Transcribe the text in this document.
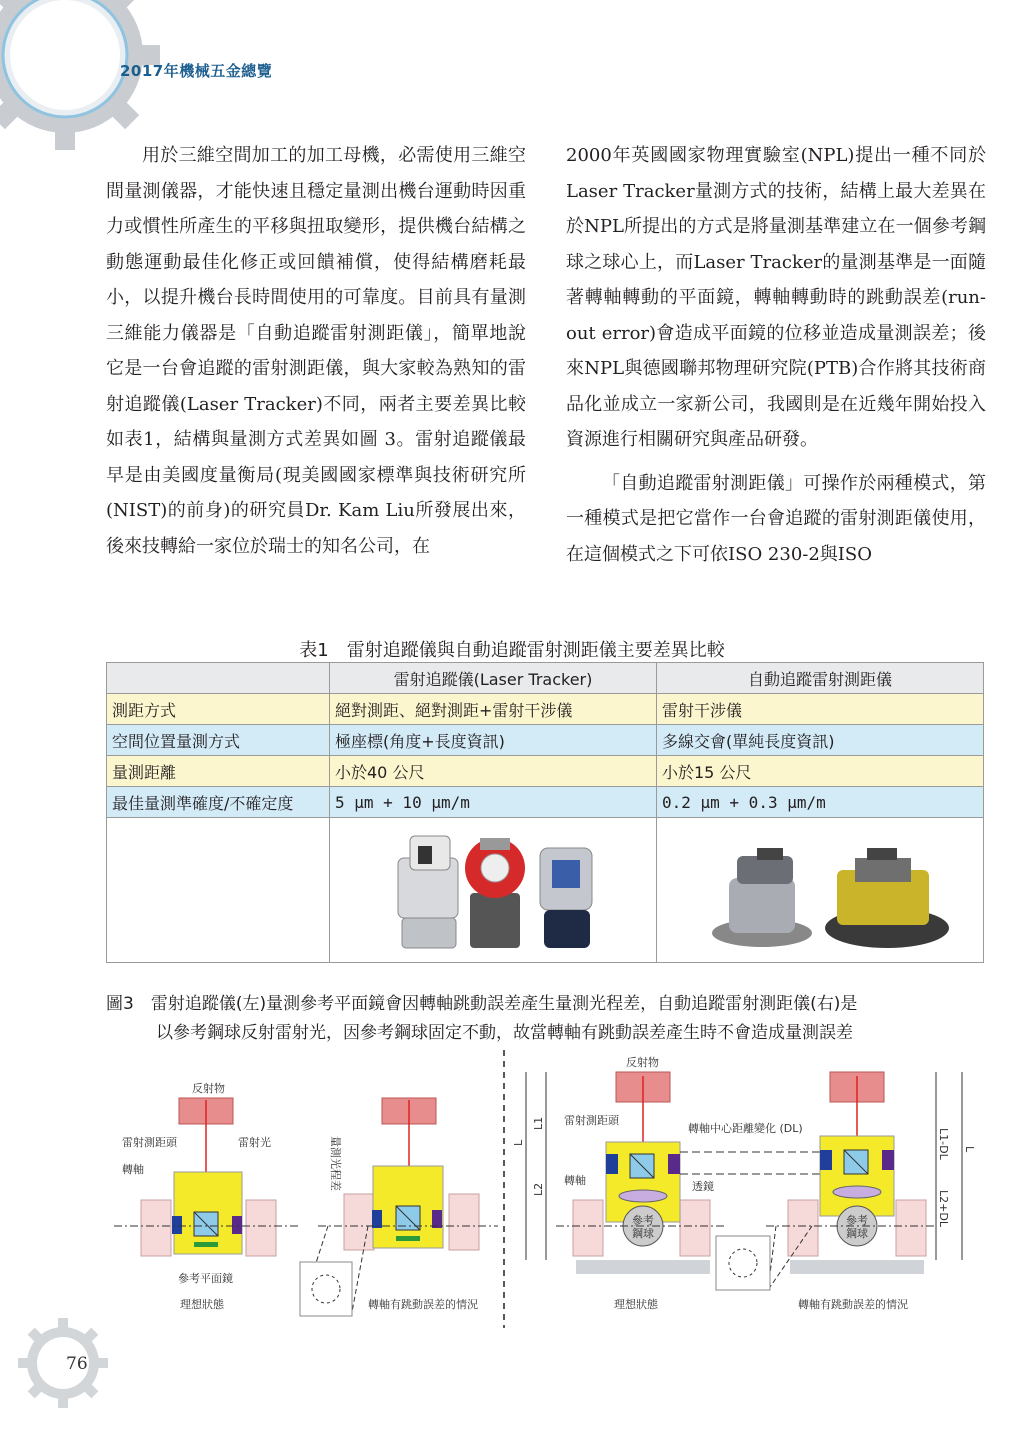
2017年機械五金總覽

用於三維空間加工的加工母機，必需使用三維空間量測儀器，才能快速且穩定量測出機台運動時因重力或慣性所產生的平移與扭取變形，提供機台結構之動態運動最佳化修正或回饋補償，使得結構磨耗最小，以提升機台長時間使用的可靠度。目前具有量測三維能力儀器是「自動追蹤雷射測距儀」，簡單地說它是一台會追蹤的雷射測距儀，與大家較為熟知的雷射追蹤儀(Laser Tracker)不同，兩者主要差異比較如表1，結構與量測方式差異如圖 3。雷射追蹤儀最早是由美國度量衡局(現美國國家標準與技術研究所(NIST)的前身)的研究員Dr. Kam Liu所發展出來，後來技轉給一家位於瑞士的知名公司，在

2000年英國國家物理實驗室(NPL)提出一種不同於Laser Tracker量測方式的技術，結構上最大差異在於NPL所提出的方式是將量測基準建立在一個參考鋼球之球心上，而Laser Tracker的量測基準是一面隨著轉軸轉動的平面鏡，轉軸轉動時的跳動誤差(run-out error)會造成平面鏡的位移並造成量測誤差；後來NPL與德國聯邦物理研究院(PTB)合作將其技術商品化並成立一家新公司，我國則是在近幾年開始投入資源進行相關研究與產品研發。

「自動追蹤雷射測距儀」可操作於兩種模式，第一種模式是把它當作一台會追蹤的雷射測距儀使用，在這個模式之下可依ISO 230-2與ISO

表1　雷射追蹤儀與自動追蹤雷射測距儀主要差異比較
	雷射追蹤儀(Laser Tracker)	自動追蹤雷射測距儀
測距方式	絕對測距、絕對測距+雷射干涉儀	雷射干涉儀
空間位置量測方式	極座標(角度+長度資訊)	多線交會(單純長度資訊)
量測距離	小於40 公尺	小於15 公尺
最佳量測準確度/不確定度	5 μm + 10 μm/m	0.2 μm + 0.3 μm/m

圖3　雷射追蹤儀(左)量測參考平面鏡會因轉軸跳動誤差產生量測光程差，自動追蹤雷射測距儀(右)是
以參考鋼球反射雷射光，因參考鋼球固定不動，故當轉軸有跳動誤差產生時不會造成量測誤差
反射物
雷射測距頭	雷射光
轉軸
參考平面鏡
理想狀態
量測光程差
轉軸有跳動誤差的情況
反射物
L
L1
L2
雷射測距頭
轉軸
參考
鋼球
理想狀態
轉軸中心距離變化 (DL)
透鏡
參考
鋼球
L1-DL
L2+DL
L
轉軸有跳動誤差的情況
76
